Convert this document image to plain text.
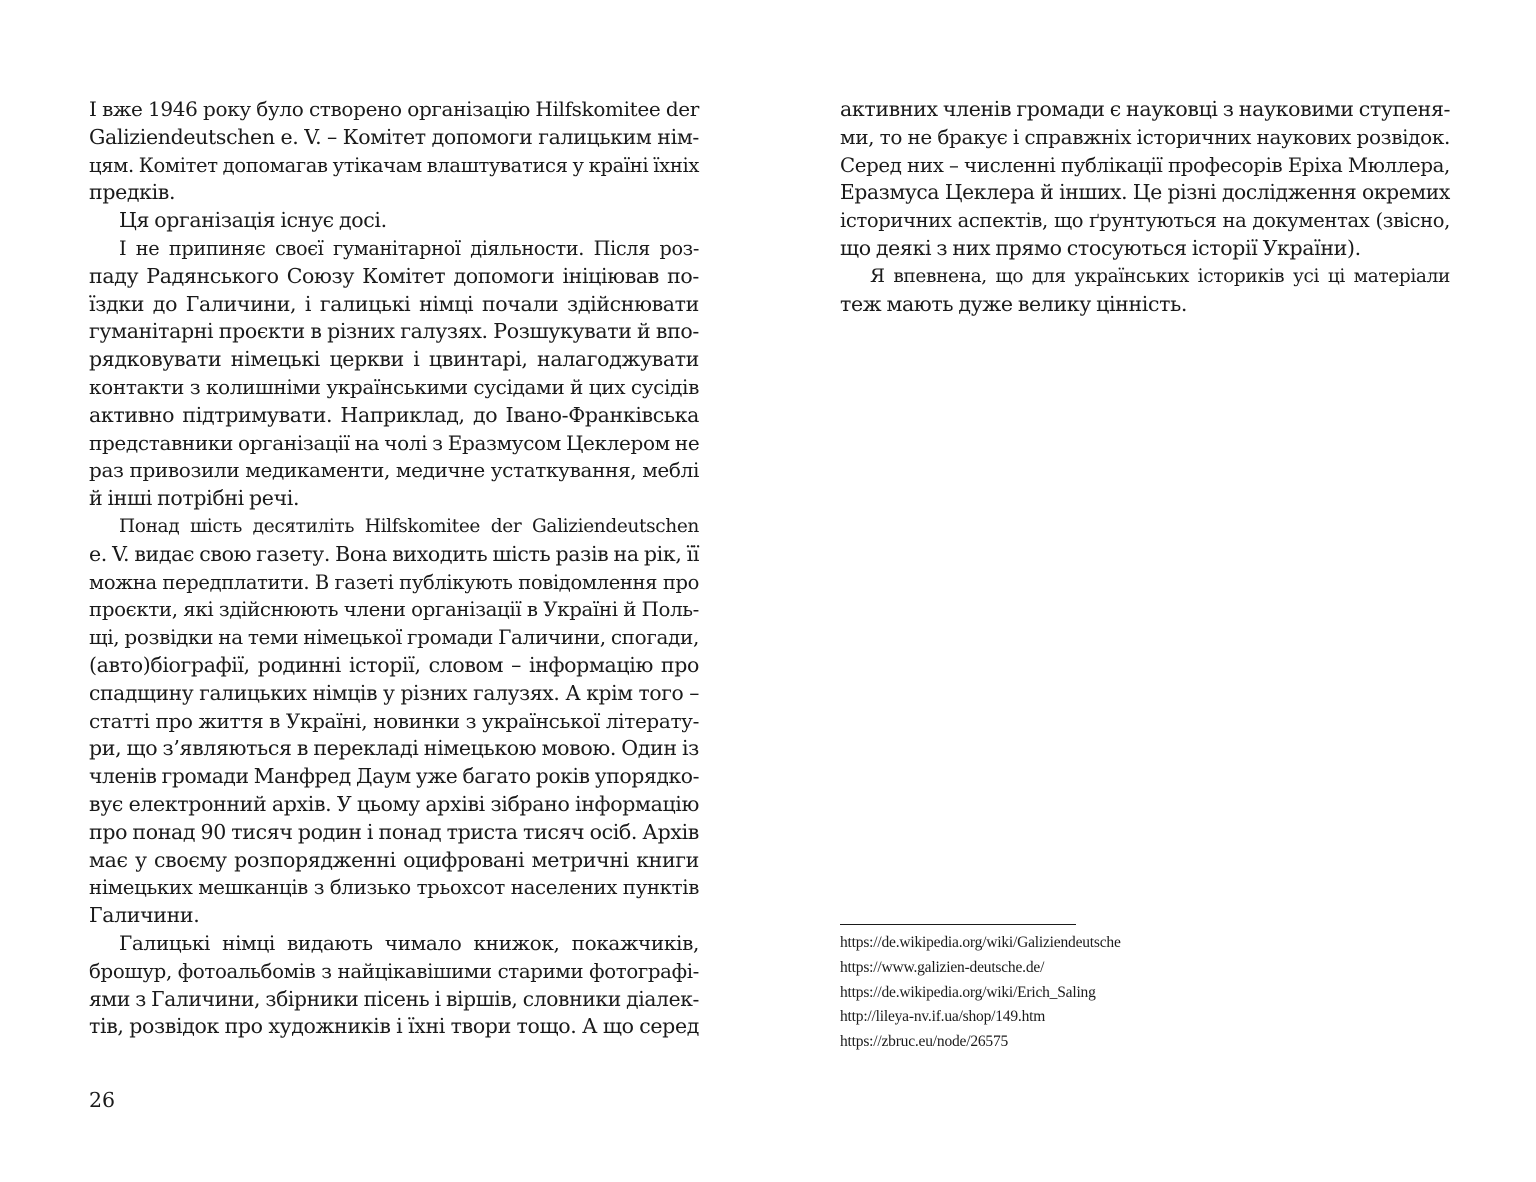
І вже 1946 року було створено організацію Hilfskomitee der
Galiziendeutschen e. V. – Комітет допомоги галицьким нім-
цям. Комітет допомагав утікачам влаштуватися у країні їхніх
предків.
Ця організація існує досі.
І не припиняє своєї гуманітарної діяльности. Після роз-
паду Радянського Союзу Комітет допомоги ініціював по-
їздки до Галичини, і галицькі німці почали здійснювати
гуманітарні проєкти в різних галузях. Розшукувати й впо-
рядковувати німецькі церкви і цвинтарі, налагоджувати
контакти з колишніми українськими сусідами й цих сусідів
активно підтримувати. Наприклад, до Івано-Франківська
представники організації на чолі з Еразмусом Цеклером не
раз привозили медикаменти, медичне устаткування, меблі
й інші потрібні речі.
Понад шість десятиліть Hilfskomitee der Galiziendeutschen
e. V. видає свою газету. Вона виходить шість разів на рік, її
можна передплатити. В газеті публікують повідомлення про
проєкти, які здійснюють члени організації в Україні й Поль-
щі, розвідки на теми німецької громади Галичини, спогади,
(авто)біографії, родинні історії, словом – інформацію про
спадщину галицьких німців у різних галузях. А крім того –
статті про життя в Україні, новинки з української літерату-
ри, що з’являються в перекладі німецькою мовою. Один із
членів громади Манфред Даум уже багато років упорядко-
вує електронний архів. У цьому архіві зібрано інформацію
про понад 90 тисяч родин і понад триста тисяч осіб. Архів
має у своєму розпорядженні оцифровані метричні книги
німецьких мешканців з близько трьохсот населених пунктів
Галичини.
Галицькі німці видають чимало книжок, покажчиків,
брошур, фотоальбомів з найцікавішими старими фотографі-
ями з Галичини, збірники пісень і віршів, словники діалек-
тів, розвідок про художників і їхні твори тощо. А що серед
активних членів громади є науковці з науковими ступеня-
ми, то не бракує і справжніх історичних наукових розвідок.
Серед них – численні публікації професорів Еріха Мюллера,
Еразмуса Цеклера й інших. Це різні дослідження окремих
історичних аспектів, що ґрунтуються на документах (звісно,
що деякі з них прямо стосуються історії України).
Я впевнена, що для українських істориків усі ці матеріали
теж мають дуже велику цінність.
https://de.wikipedia.org/wiki/Galiziendeutsche
https://www.galizien-deutsche.de/
https://de.wikipedia.org/wiki/Erich_Saling
http://lileya-nv.if.ua/shop/149.htm
https://zbruc.eu/node/26575
26
